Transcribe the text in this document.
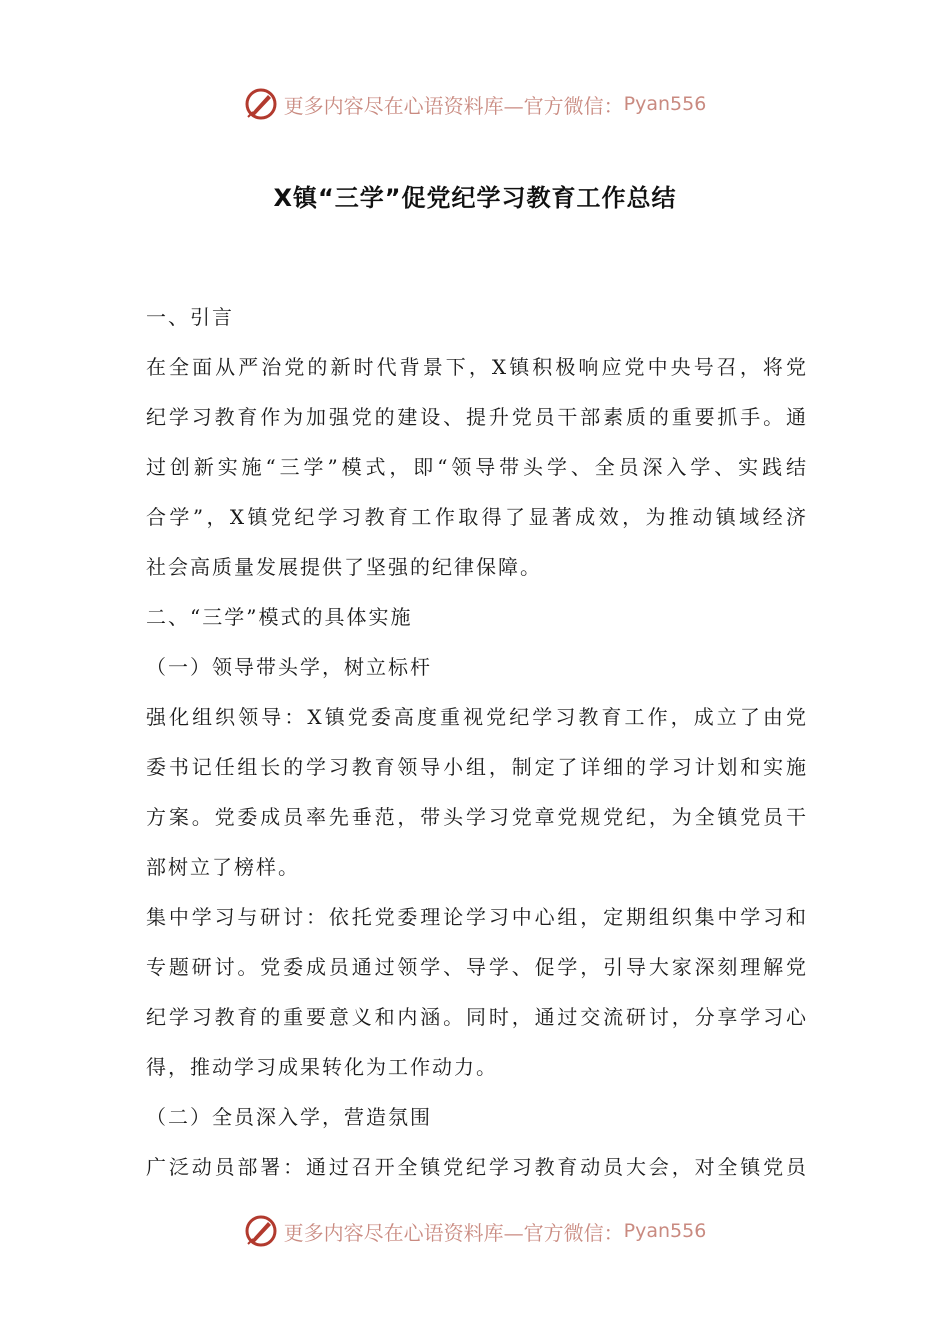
更多内容尽在心语资料库—官方微信： Pyan556
X镇“三学”促党纪学习教育工作总结
一、引言
在全面从严治党的新时代背景下，X镇积极响应党中央号召，将党
纪学习教育作为加强党的建设、提升党员干部素质的重要抓手。通
过创新实施“三学”模式，即“领导带头学、全员深入学、实践结
合学”，X镇党纪学习教育工作取得了显著成效，为推动镇域经济
社会高质量发展提供了坚强的纪律保障。
二、“三学”模式的具体实施
（一）领导带头学，树立标杆
强化组织领导：X镇党委高度重视党纪学习教育工作，成立了由党
委书记任组长的学习教育领导小组，制定了详细的学习计划和实施
方案。党委成员率先垂范，带头学习党章党规党纪，为全镇党员干
部树立了榜样。
集中学习与研讨：依托党委理论学习中心组，定期组织集中学习和
专题研讨。党委成员通过领学、导学、促学，引导大家深刻理解党
纪学习教育的重要意义和内涵。同时，通过交流研讨，分享学习心
得，推动学习成果转化为工作动力。
（二）全员深入学，营造氛围
广泛动员部署：通过召开全镇党纪学习教育动员大会，对全镇党员
更多内容尽在心语资料库—官方微信： Pyan556
